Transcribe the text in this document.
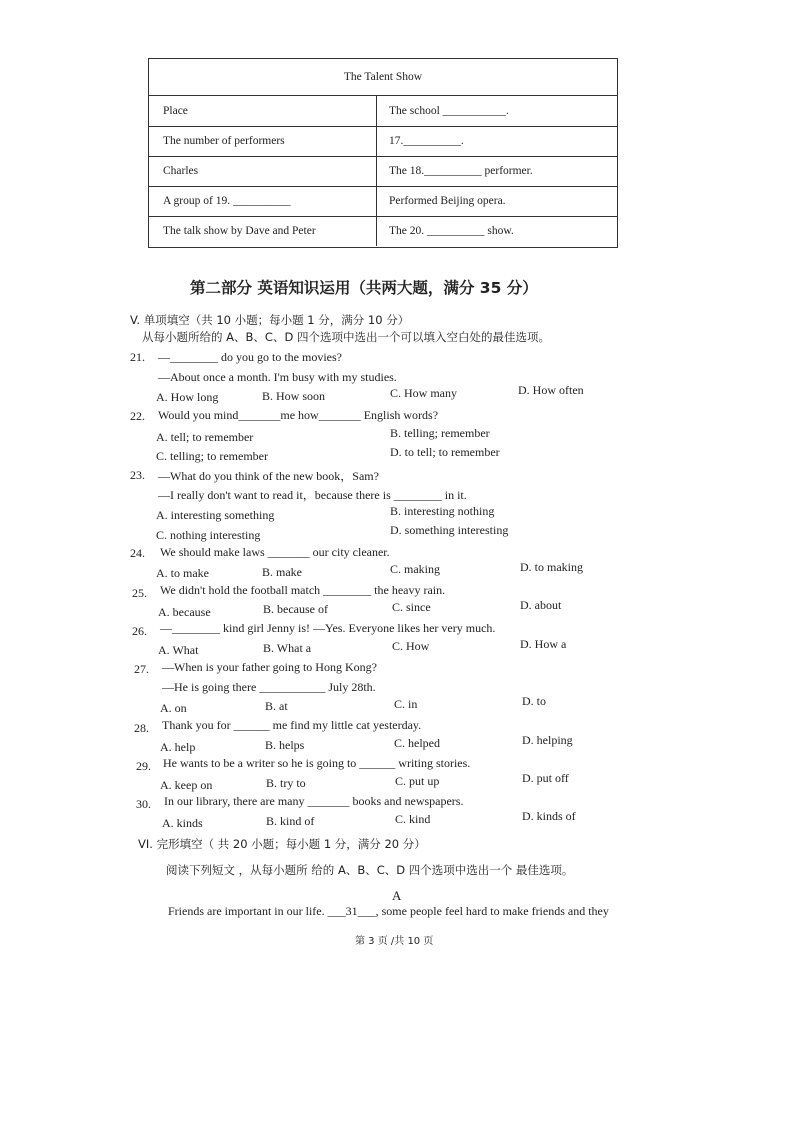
The Talent Show
Place	The school ___________.
The number of performers	17.__________.
Charles	The 18.__________ performer.
A group of 19. __________	Performed Beijing opera.
The talk show by Dave and Peter	The 20. __________ show.
第二部分 英语知识运用（共两大题，满分 35 分）
V. 单项填空（共 10 小题；每小题 1 分，满分 10 分）
从每小题所给的 A、B、C、D 四个选项中选出一个可以填入空白处的最佳选项。
21. —________ do you go to the movies?
—About once a month. I'm busy with my studies.
A. How long	B. How soon	C. How many	D. How often
22. Would you mind_______me how_______ English words?
A. tell; to remember	B. telling; remember
C. telling; to remember	D. to tell; to remember
23. —What do you think of the new book，Sam?
—I really don't want to read it，because there is ________ in it.
A. interesting something	B. interesting nothing
C. nothing interesting	D. something interesting
24. We should make laws _______ our city cleaner.
A. to make	B. make	C. making	D. to making
25. We didn't hold the football match ________ the heavy rain.
A. because	B. because of	C. since	D. about
26. —________ kind girl Jenny is! —Yes. Everyone likes her very much.
A. What	B. What a	C. How	D. How a
27. —When is your father going to Hong Kong?
—He is going there ___________ July 28th.
A. on	B. at	C. in	D. to
28. Thank you for ______ me find my little cat yesterday.
A. help	B. helps	C. helped	D. helping
29. He wants to be a writer so he is going to ______ writing stories.
A. keep on	B. try to	C. put up	D. put off
30. In our library, there are many _______ books and newspapers.
A. kinds	B. kind of	C. kind	D. kinds of
VI. 完形填空（ 共 20 小题；每小题 1 分，满分 20 分）
阅读下列短文 ，从每小题所 给的 A、B、C、D 四个选项中选出一个 最佳选项。
A
Friends are important in our life. ___31___, some people feel hard to make friends and they
第 3 页 /共 10 页
